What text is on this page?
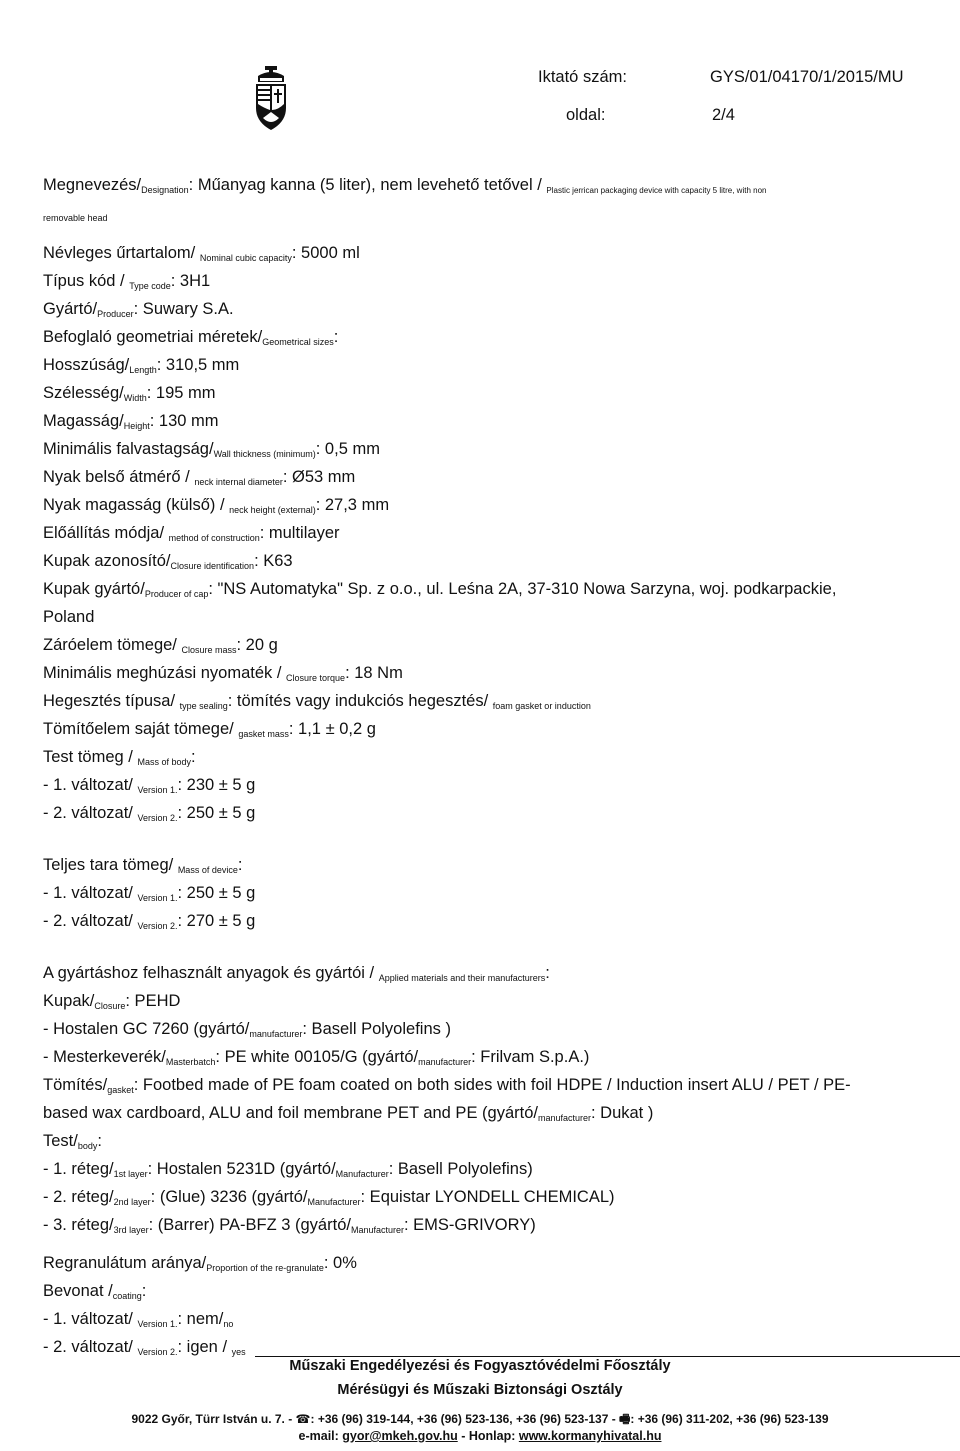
Iktató szám:	GYS/01/04170/1/2015/MU
oldal:	2/4
Megnevezés/$_{Designation}$: Műanyag kanna (5 liter), nem levehető tetővel / $_{Plastic jerrican packaging device with capacity 5 litre, with non}$
$_{removable head}$
Névleges űrtartalom/ $_{Nominal cubic capacity}$: 5000 ml
Típus kód / $_{Type code}$: 3H1
Gyártó/$_{Producer}$: Suwary S.A.
Befoglaló geometriai méretek/$_{Geometrical sizes}$:
Hosszúság/$_{Length}$: 310,5 mm
Szélesség/$_{Width}$: 195 mm
Magasság/$_{Height}$: 130 mm
Minimális falvastagság/$_{Wall thickness (minimum)}$: 0,5 mm
Nyak belső átmérő / $_{neck internal diameter}$: Ø53 mm
Nyak magasság (külső) / $_{neck height (external)}$: 27,3 mm
Előállítás módja/ $_{method of construction}$: multilayer
Kupak azonosító/$_{Closure identification}$: K63
Kupak gyártó/$_{Producer of cap}$: "NS Automatyka" Sp. z o.o., ul. Leśna 2A, 37-310 Nowa Sarzyna, woj. podkarpackie,
Poland
Záróelem tömege/ $_{Closure mass}$: 20 g
Minimális meghúzási nyomaték / $_{Closure torque}$: 18 Nm
Hegesztés típusa/ $_{type sealing}$: tömítés vagy indukciós hegesztés/ $_{foam gasket or induction}$
Tömítőelem saját tömege/ $_{gasket mass}$: 1,1 ± 0,2 g
Test tömeg / $_{Mass of body}$:
- 1. változat/ $_{Version 1.}$: 230 ± 5 g
- 2. változat/ $_{Version 2.}$: 250 ± 5 g
Teljes tara tömeg/ $_{Mass of device}$:
- 1. változat/ $_{Version 1.}$: 250 ± 5 g
- 2. változat/ $_{Version 2.}$: 270 ± 5 g
A gyártáshoz felhasznált anyagok és gyártói / $_{Applied materials and their manufacturers}$:
Kupak/$_{Closure}$: PEHD
- Hostalen GC 7260 ($gyártó/_{manufacturer}$: Basell Polyolefins )
- Mesterkeverék/$_{Masterbatch}$: PE white 00105/G ($gyártó/_{manufacturer}$: Frilvam S.p.A.)
Tömítés/$_{gasket}$: Footbed made of PE foam coated on both sides with foil HDPE / Induction insert ALU / PET / PE-
based wax cardboard, ALU and foil membrane PET and PE ($gyártó/_{manufacturer}$: Dukat )
Test/$_{body}$:
- 1. réteg/$_{1st layer}$: Hostalen 5231D ($gyártó/_{Manufacturer}$: Basell Polyolefins)
- 2. réteg/$_{2nd layer}$: (Glue) 3236 ($gyártó/_{Manufacturer}$: Equistar LYONDELL CHEMICAL)
- 3. réteg/$_{3rd layer}$: (Barrer) PA-BFZ 3 ($gyártó/_{Manufacturer}$: EMS-GRIVORY)
Regranulátum aránya/$_{Proportion of the re-granulate}$: 0%
Bevonat $/_{coating}$:
- 1. változat/ $_{Version 1.}$: nem/$_{no}$
- 2. változat/ $_{Version 2.}$: igen / $_{yes}$
Műszaki Engedélyezési és Fogyasztóvédelmi Főosztály
Mérésügyi és Műszaki Biztonsági Osztály
9022 Győr, Türr István u. 7. - ☎: +36 (96) 319-144, +36 (96) 523-136, +36 (96) 523-137 - 🖷: +36 (96) 311-202, +36 (96) 523-139
e-mail: gyor@mkeh.gov.hu - Honlap: www.kormanyhivatal.hu
